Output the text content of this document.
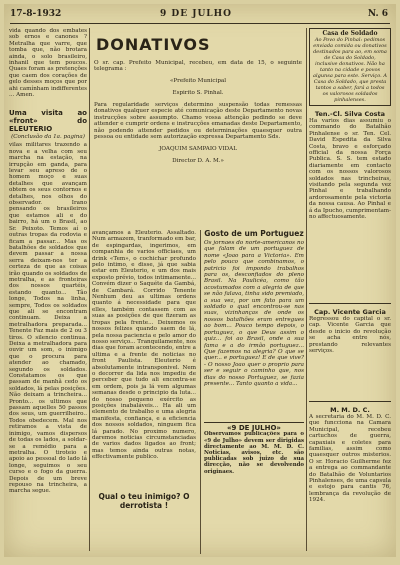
17-8-1932	9 DE JULHO	N. 6
vida quando dos embates sob ernos e canones ? Metralha que varre, que tomba que, não brotara ainda, o solo brasileiro, inhanil que tem poucos. Quaes foram as pretenções que caem dos corações de gelo desses moços que por ahi camínham indifferentes ... Amen.
Uma visita ao «front» do ELEUTERIO
(Conclusão da 1a. pagina)
vilas militares trazendo a nova e a velha com seu marcha na estação, na irrupção em ganda, para levar seu apreso de o homem moço e suas detalhes que avançam obtem os seus contornos e detalhes, nos olhos do observador. Irano pensando os brasileiros que estamos ali e do bairro, há um o Brasil, ao Sr. Peixoto. Temos aí o outras tropas da rodovia e ficam a passar... Mas os batalhões de soldados que devem passar a nossa serra deixam-nos ter a certeza de que as coisas irão quando os soldados de metralha, e as fronteiras dos nossos quartéis, estando quanto... Tão longe, Todos na linha, sempre, Todos os soldados que ali se encontram continuam. Deixa a metralhadora preparada... Tenente Faz mais de 2 ou 3 tiros. O silencio continua. Deixa a metralhadora para ouvir um som, o inimigo que o procura para atender ao chamado, segundo os soldados. Constatamos os que passam de manhã cedo os soldados, lá pelas posições. Não deixam a trincheira... Pronto... os ultimos que passam aquelles 50 passos dos seus, um guerrilheiro.. Todos obedecem. Mal nos retiramos a vista de inimigo, vamos dispersos de todas os lados, a soldar-se a remédio para a metralha. O tiroteio e apoio ao pessoal do lado lá longe, seguimos o seu curso e o fogo da guerra. Depois de um breve repouso na trincheira, a marcha segue.
DONATIVOS

O sr. cap. Prefeito Municipal, recebeu, em data de 15, o seguinte telegrama :

«Prefeito Municipal

Espirito S. Pinhal.

Para regularidade serviços determino suspensão todas remessas donativos qualquer especie até comunicação deste Departamento novas instrucções sobre assumpto. Chamo vossa attenção pedindo se deve attender e cumprir ordens e instrucções emanadas deste Departamento, não podendo attender pedidos ou determinações quaesquer outra pessoa ou entidade sem autorização expressa Departamento Sds.

JOAQUIM SAMPAIO VIDAL

Director D. A. M.»

avançamos a Eleuterio. Assaltado. Num armazem, tranformado em bar, de espingardas, ingerimos, em companhia de varios officiaes, um drink «Tem», o cochichar profundo pelo intimo, e disse, já que sabia estar em Eleuterio, e um dos mais exposto prévio, todos intimamente... Convém dizer o Saquéte da Gambá, de Cambará. Corrido Tenente Nenhum deu as ultimas ordens quanto á necessidade para que elles, também contassem com as suas as posições de que fizeram as tropas pela frente... Deixemos os nossos felizes quando saem de lá, pela nossa paciencia e pelo amor do nosso serviço... Tranquilamente, nos dias que foram acontecendo, entre a ultima e a frente de noticias no front Paulista. Eleuterio é absolutamente intransponivel. Nem o decorrer da lida nos impediu de perceber que tudo ali encontra-se em ordem, pois ja lá vem algumas semanas desde o principio da luta... do nosso pequeno exército as posições inabaláveis... Ha ali um elemento de trabalho e uma alegria manifesta, confiança, e a eficiencia dos nossos soldados, ninguem fica lá parado. No proximo numero, daremos noticias circumstanciadas de varios dados ligados ao front; mas temos ainda outras notas, effectivamente publico.
Qual o teu inimigo? O derrotista !
Gosto de um Portuguez
Os jornaes do norte-americanos no que falam de um portuguez de nome «Joao para a Victoria». Em pelo pouco que combinamos, o patricio foi impondo trabalhos para os, desconfiados do pleno Brasil. Na Paulicéa, como tão acostumados com a alegria de que se não falava, tinha sido premiado, a sua vez, por um fato para um soldado o qual encontrou-se nas suas, vizinhanças de onde os nossos batalhões eram entregues ao bom... Pouco tempo depois, o portuguez, o que Deus assim o quiz... foi ao Brasil, onde a sua fama e a do irmão portuguez... Que fazemos na alegria? O que se quer... e portuguez! E de que vive? - O nosso Joao quer o proprio para ser e seguir o caminho que, nos dias do nosso Portuguez, se fazia presente... Tanto quanto a vida...
«9 DE JULHO»
Observamos publicações para o «9 de Julho» devem ser dirigidas directamente ao M. M. D. C. Noticias, avisos, etc. são publicadas sob juizo de sua direcção, não se devolvendo originaes.
Casa de Soldado
Ao Povo do Pinhal: pedimos enviada comida ou donativos destinados para ao, em soma de Casa do Soldado, inclusive donativos. Não ha tanto na cidade e povos algunsa para este. Serviço. A Casa do Soldado, que presta tantos a saber, fará a todos os valorosos soldados pinhalenses.
Ten.-Cl. Silva Costa
Ha varios dias assumiu o commando do Batalhão Pinhalense o sr. Ten. Cel. David Espedita da Silva Costa, bravo e esforçado official da nossa Força Publica. S. S. tem estado diariamente em contacto com os nossos valorosos soldados nas trincheiras, visitando pela segunda vez Pinhal e trabalhando ardorosamente pela victoria da nossa causa. Ao Pinhal e á da Ipucho, cumprimentam-no affectuosamente.
Cap. Vicente Garcia
Regressou do capital o sr. cap. Vicente Garcia que desde o inicio do revolução se acha entre nós, prestando relevantes serviços.
M. M. D. C.
A secretaria do M. M. D. C. que funcciona na Camara Municipal, recebeu cartuchos de guerra, capaxiais e coletes para familias, assim como quaesquer outros misterios. O sr. Horacio Guilherme fez a entrega ao commandante do Batalhão de Voluntarios Pinhalenses, de uma capsula e estojo para cantis 76, lembrança da revolução de 1924.
